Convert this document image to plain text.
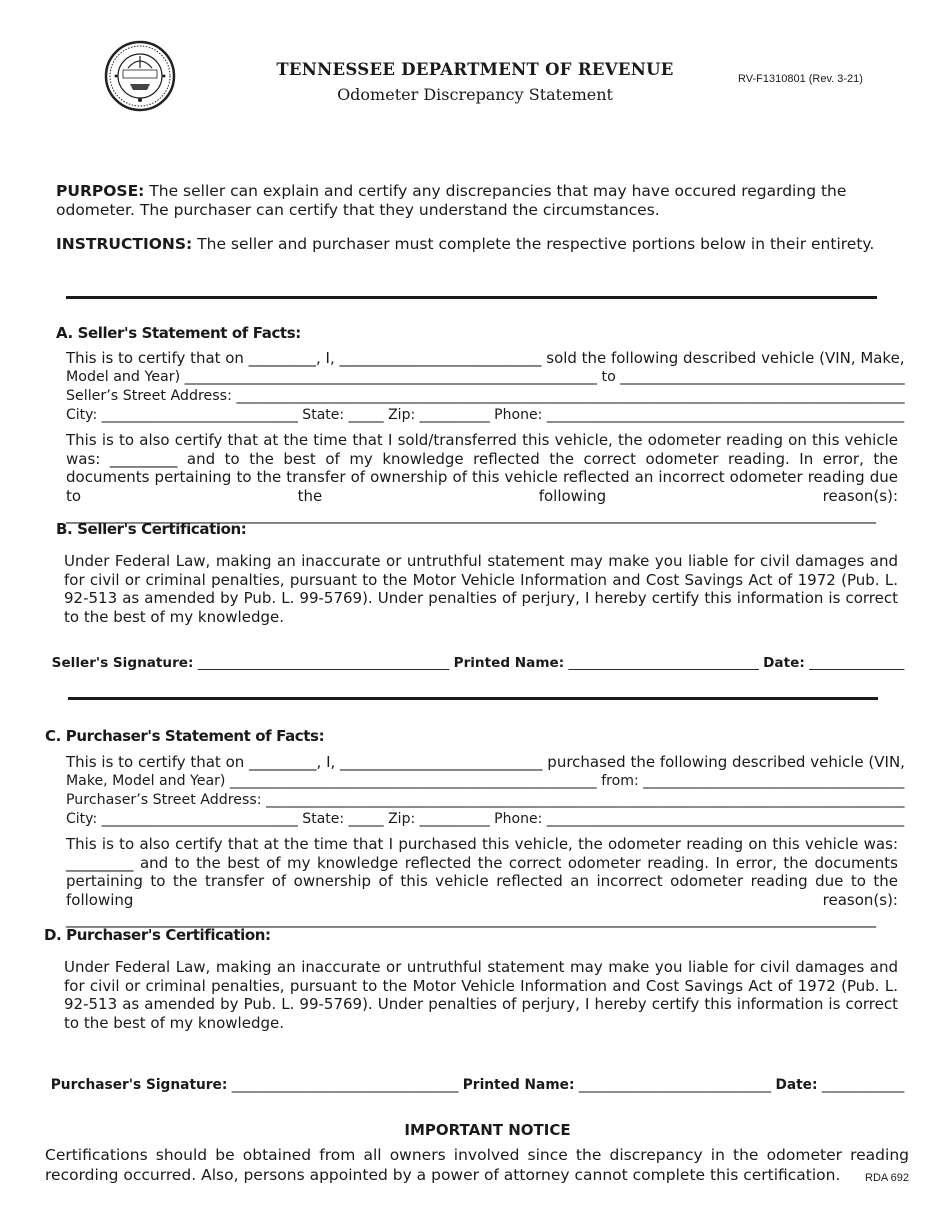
TENNESSEE DEPARTMENT OF REVENUE
Odometer Discrepancy Statement
RV-F1310801 (Rev. 3-21)
PURPOSE: The seller can explain and certify any discrepancies that may have occured regarding the odometer. The purchaser can certify that they understand the circumstances.
INSTRUCTIONS: The seller and purchaser must complete the respective portions below in their entirety.
A. Seller's Statement of Facts:
This is to certify that on _________, I, ___________________________ sold the following described vehicle (VIN, Make,
Model and Year) __________________________________________________________ to ________________________________________
Seller’s Street Address: ______________________________________________________________________________________________
City: ____________________________ State: _____ Zip: __________ Phone: ___________________________________________________
This is to also certify that at the time that I sold/transferred this vehicle, the odometer reading on this vehicle was: _________ and to the best of my knowledge reflected the correct odometer reading. In error, the documents pertaining to the transfer of ownership of this vehicle reflected an incorrect odometer reading due to the following reason(s): ____________________________________________________________________________________________________________
B. Seller's Certification:
Under Federal Law, making an inaccurate or untruthful statement may make you liable for civil damages and for civil or criminal penalties, pursuant to the Motor Vehicle Information and Cost Savings Act of 1972 (Pub. L. 92-513 as amended by Pub. L. 99-5769). Under penalties of perjury, I hereby certify this information is correct to the best of my knowledge.

Seller's Signature: _____________________________________ Printed Name: ____________________________ Date: ______________

C. Purchaser's Statement of Facts:
This is to certify that on _________, I, ___________________________ purchased the following described vehicle (VIN,
Make, Model and Year) ____________________________________________________ from: _____________________________________
Purchaser’s Street Address: __________________________________________________________________________________________
City: ____________________________ State: _____ Zip: __________ Phone: ___________________________________________________
This is to also certify that at the time that I purchased this vehicle, the odometer reading on this vehicle was: _________ and to the best of my knowledge reflected the correct odometer reading. In error, the documents pertaining to the transfer of ownership of this vehicle reflected an incorrect odometer reading due to the following reason(s): ____________________________________________________________________________________________________________
D. Purchaser's Certification:
Under Federal Law, making an inaccurate or untruthful statement may make you liable for civil damages and for civil or criminal penalties, pursuant to the Motor Vehicle Information and Cost Savings Act of 1972 (Pub. L. 92-513 as amended by Pub. L. 99-5769). Under penalties of perjury, I hereby certify this information is correct to the best of my knowledge.

Purchaser's Signature: _________________________________ Printed Name: ____________________________ Date: ____________

IMPORTANT NOTICE
Certifications should be obtained from all owners involved since the discrepancy in the odometer reading recording occurred. Also, persons appointed by a power of attorney cannot complete this certification.	RDA 692
